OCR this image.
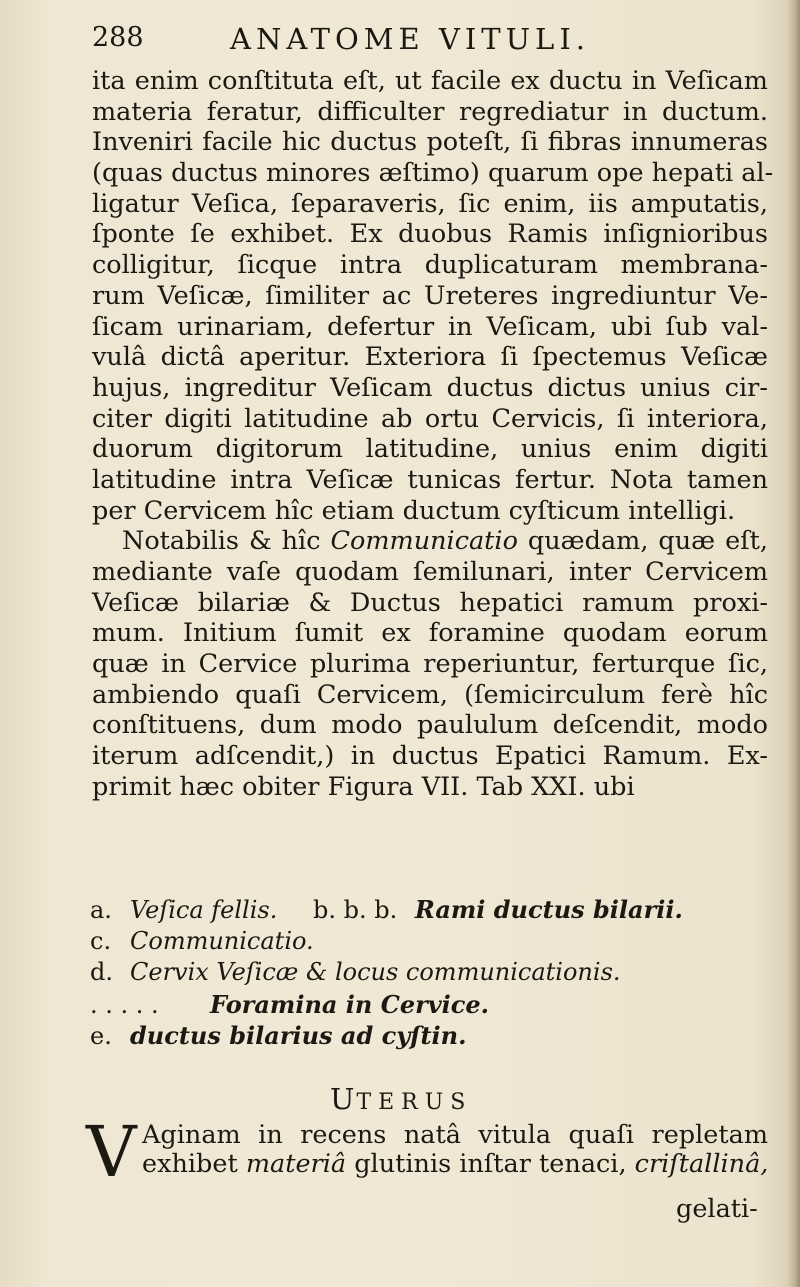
288	ANATOME VITULI.
ita enim conſtituta eſt, ut facile ex ductu in Veſicam
materia feratur, difficulter regrediatur in ductum.
Inveniri facile hic ductus poteſt, ſi fibras innumeras
(quas ductus minores æſtimo) quarum ope hepati al-
ligatur Veſica, ſeparaveris, ſic enim, iis amputatis,
ſponte ſe exhibet. Ex duobus Ramis inſignioribus
colligitur, ſicque intra duplicaturam membrana-
rum Veſicæ, ſimiliter ac Ureteres ingrediuntur Ve-
ſicam urinariam, defertur in Veſicam, ubi ſub val-
vulâ dictâ aperitur. Exteriora ſi ſpectemus Veſicæ
hujus, ingreditur Veſicam ductus dictus unius cir-
citer digiti latitudine ab ortu Cervicis, ſi interiora,
duorum digitorum latitudine, unius enim digiti
latitudine intra Veſicæ tunicas fertur. Nota tamen
per Cervicem hîc etiam ductum cyſticum intelligi.
Notabilis & hîc Communicatio quædam, quæ eſt,
mediante vaſe quodam ſemilunari, inter Cervicem
Veſicæ bilariæ & Ductus hepatici ramum proxi-
mum. Initium ſumit ex foramine quodam eorum
quæ in Cervice plurima reperiuntur, ferturque ſic,
ambiendo quaſi Cervicem, (ſemicirculum ferè hîc
conſtituens, dum modo paululum deſcendit, modo
iterum adſcendit,) in ductus Epatici Ramum. Ex-
primit hæc obiter Figura VII. Tab XXI. ubi
a. Veſica fellis. b. b. b. Rami ductus bilarii.
c. Communicatio.
d. Cervix Veſicæ & locus communicationis.
. . . . . Foramina in Cervice.
e. ductus bilarius ad cyſtin.
UTERUS
V Aginam in recens natâ vitula quaſi repletam
exhibet materiâ glutinis inſtar tenaci, criſtallinâ,
gelati-
